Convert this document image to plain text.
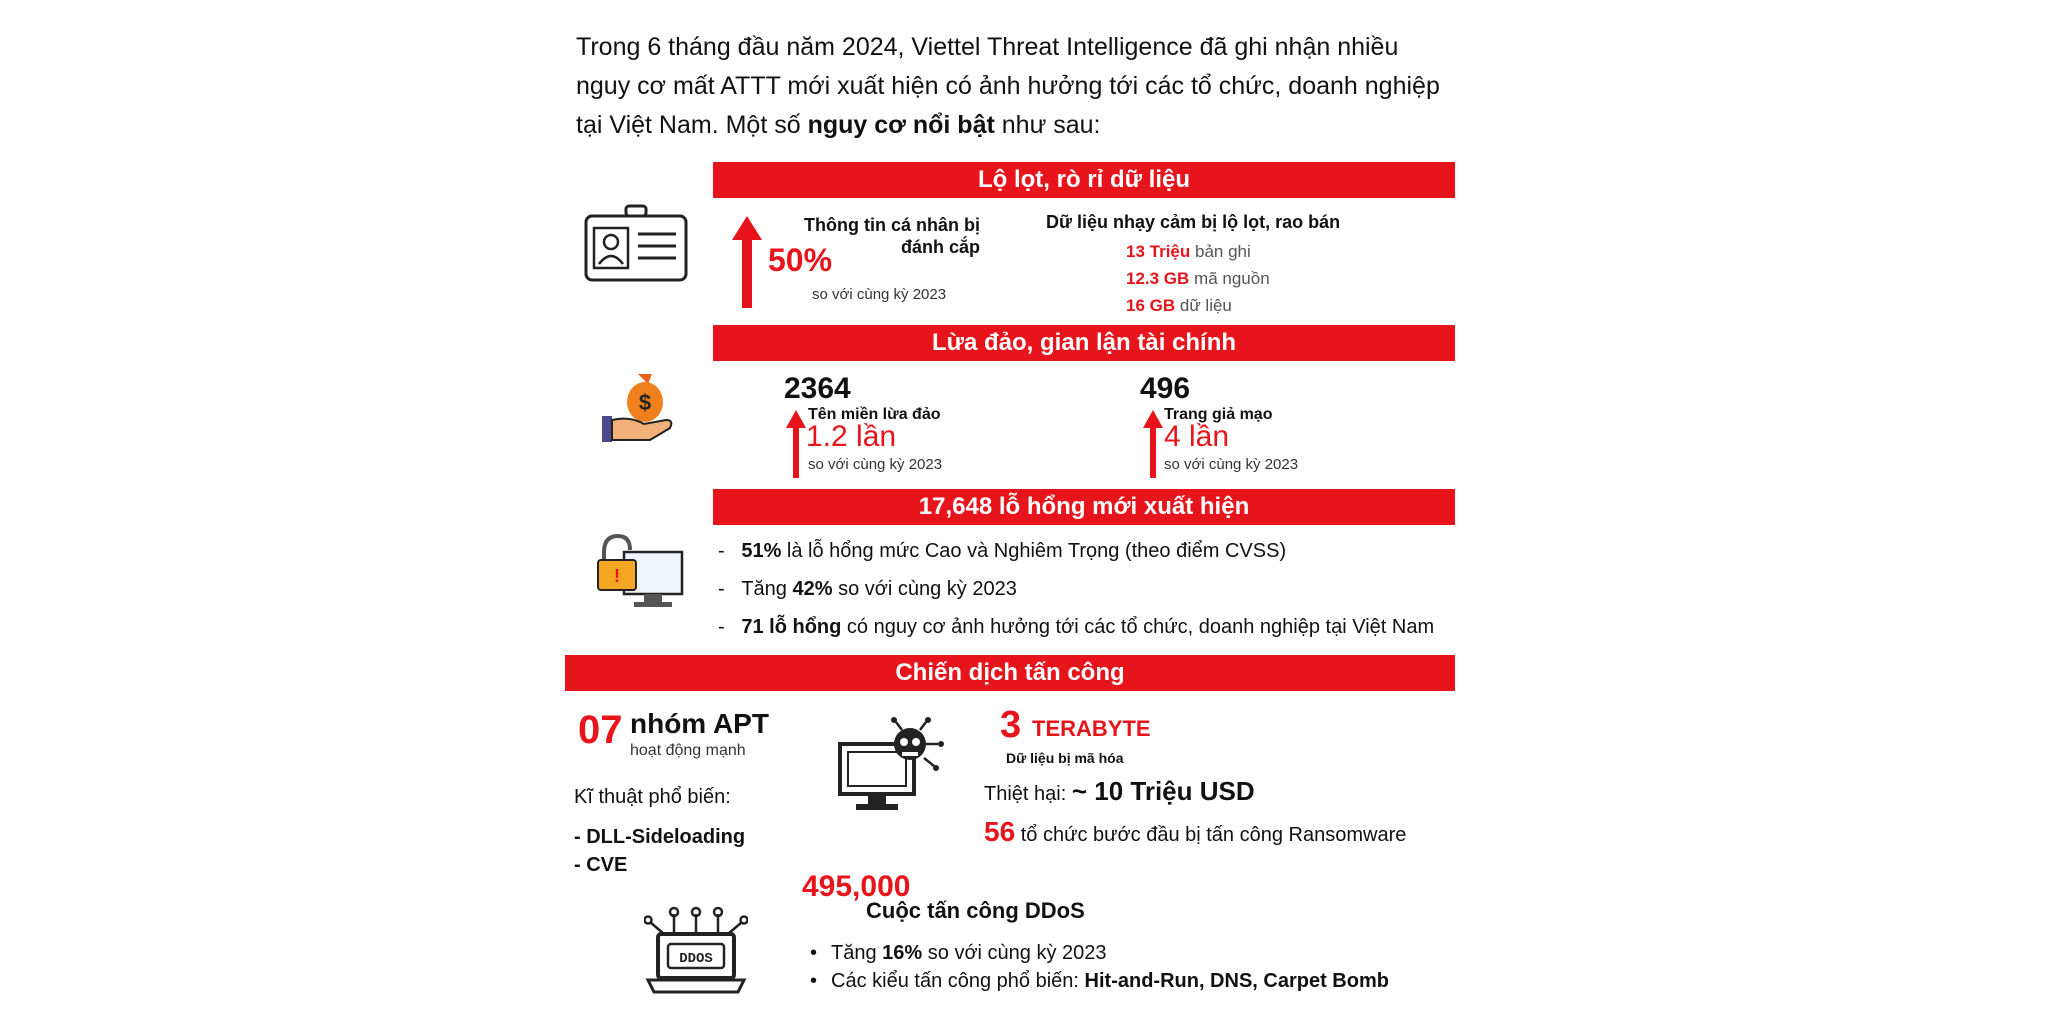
Trong 6 tháng đầu năm 2024, Viettel Threat Intelligence đã ghi nhận nhiều nguy cơ mất ATTT mới xuất hiện có ảnh hưởng tới các tổ chức, doanh nghiệp tại Việt Nam. Một số nguy cơ nổi bật như sau:
Lộ lọt, rò rỉ dữ liệu
Thông tin cá nhân bị đánh cắp
50%
so với cùng kỳ 2023
Dữ liệu nhạy cảm bị lộ lọt, rao bán
13 Triệu bản ghi
12.3 GB mã nguồn
16 GB dữ liệu
Lừa đảo, gian lận tài chính
$	2364
Tên miền lừa đảo
1.2 lần
so với cùng kỳ 2023
496
Trang giả mạo
4 lần
so với cùng kỳ 2023
17,648 lỗ hổng mới xuất hiện
!
-   51% là lỗ hổng mức Cao và Nghiêm Trọng (theo điểm CVSS)
-   Tăng 42% so với cùng kỳ 2023
-   71 lỗ hổng có nguy cơ ảnh hưởng tới các tổ chức, doanh nghiệp tại Việt Nam
Chiến dịch tấn công
07 nhóm APT
hoạt động mạnh
Kĩ thuật phổ biến:
- DLL-Sideloading
- CVE
3 TERABYTE
Dữ liệu bị mã hóa
Thiệt hại: ~ 10 Triệu USD
56 tổ chức bước đầu bị tấn công Ransomware
DDOS
495,000
Cuộc tấn công DDoS
• Tăng 16% so với cùng kỳ 2023
• Các kiểu tấn công phổ biến: Hit-and-Run, DNS, Carpet Bomb
